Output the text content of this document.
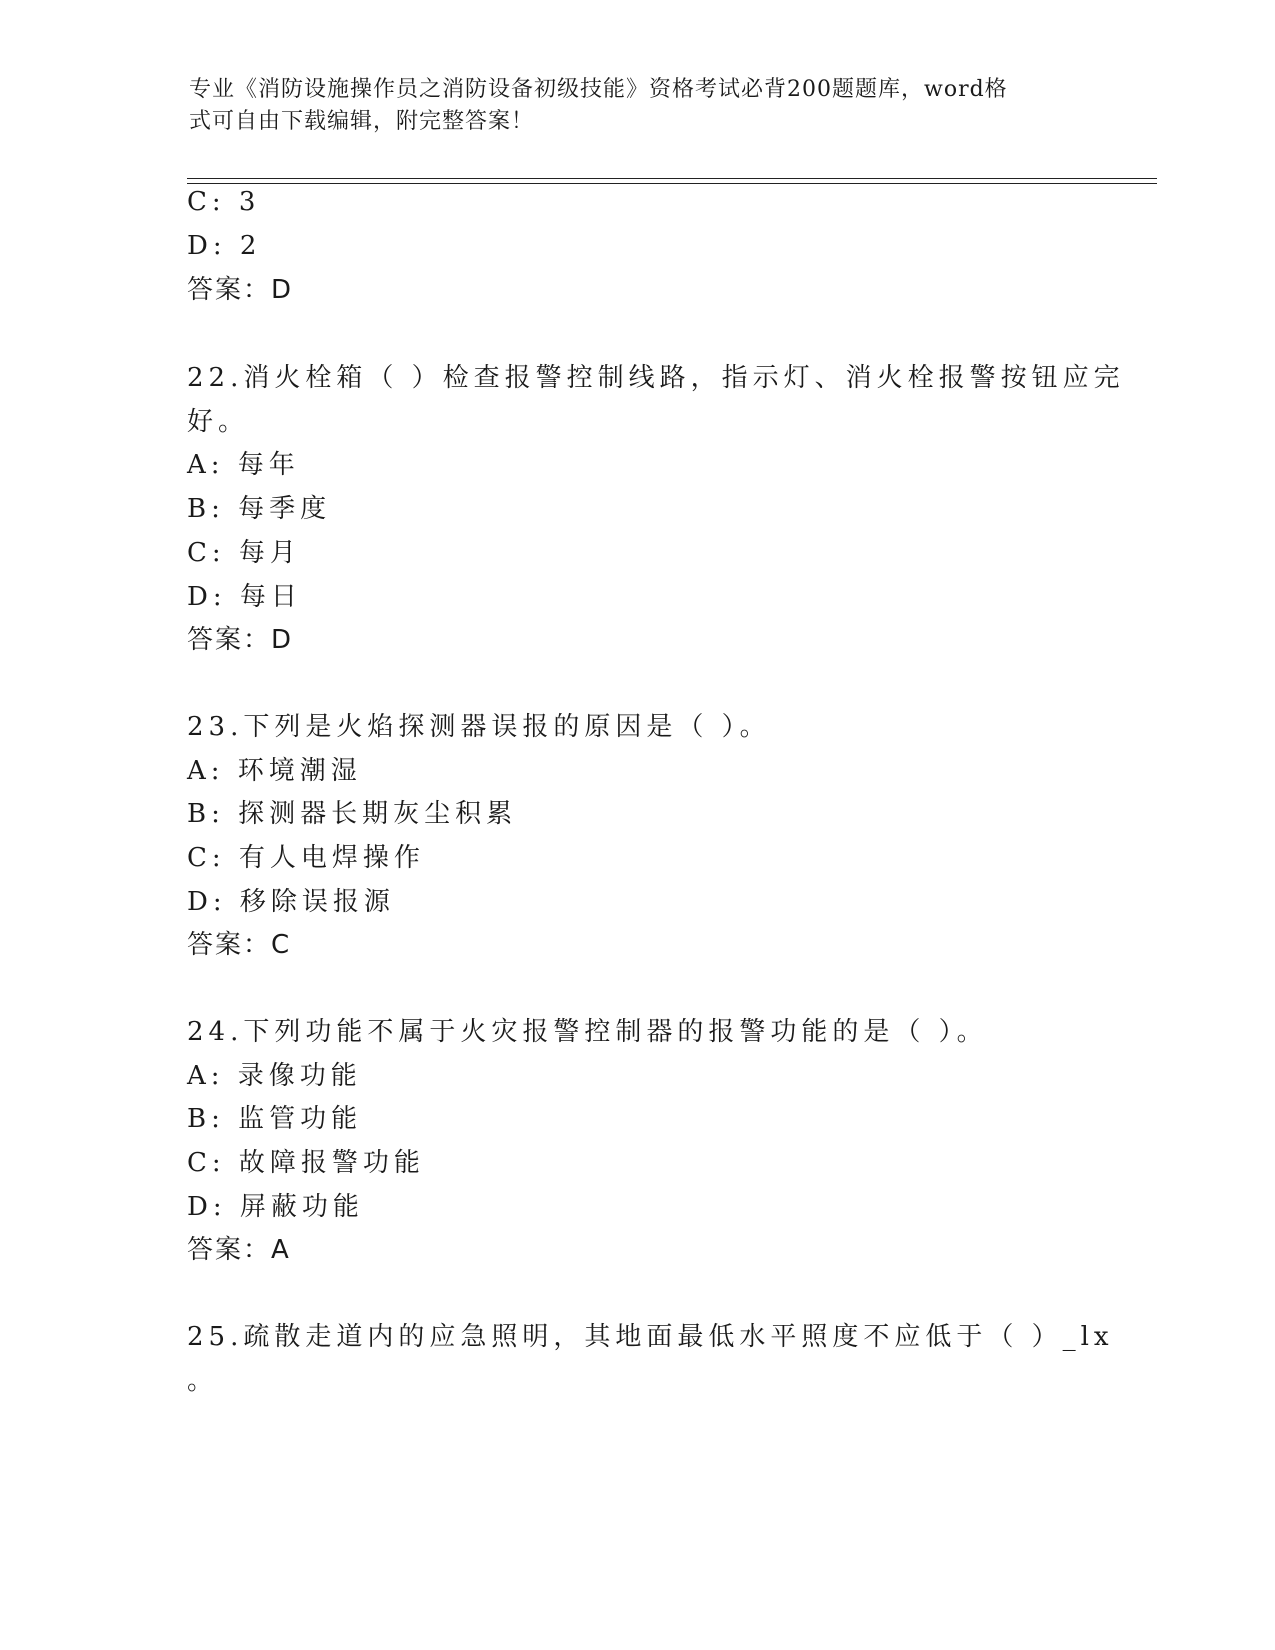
专业《消防设施操作员之消防设备初级技能》资格考试必背200题题库，word格
式可自由下载编辑，附完整答案！
C: 3
D: 2
答案：D
22.消火栓箱（ ）检查报警控制线路，指示灯、消火栓报警按钮应完
好。
A: 每年
B: 每季度
C: 每月
D: 每日
答案：D
23.下列是火焰探测器误报的原因是（ ）。
A: 环境潮湿
B: 探测器长期灰尘积累
C: 有人电焊操作
D: 移除误报源
答案：C
24.下列功能不属于火灾报警控制器的报警功能的是（ ）。
A: 录像功能
B: 监管功能
C: 故障报警功能
D: 屏蔽功能
答案：A
25.疏散走道内的应急照明，其地面最低水平照度不应低于（ ）_lx
。
